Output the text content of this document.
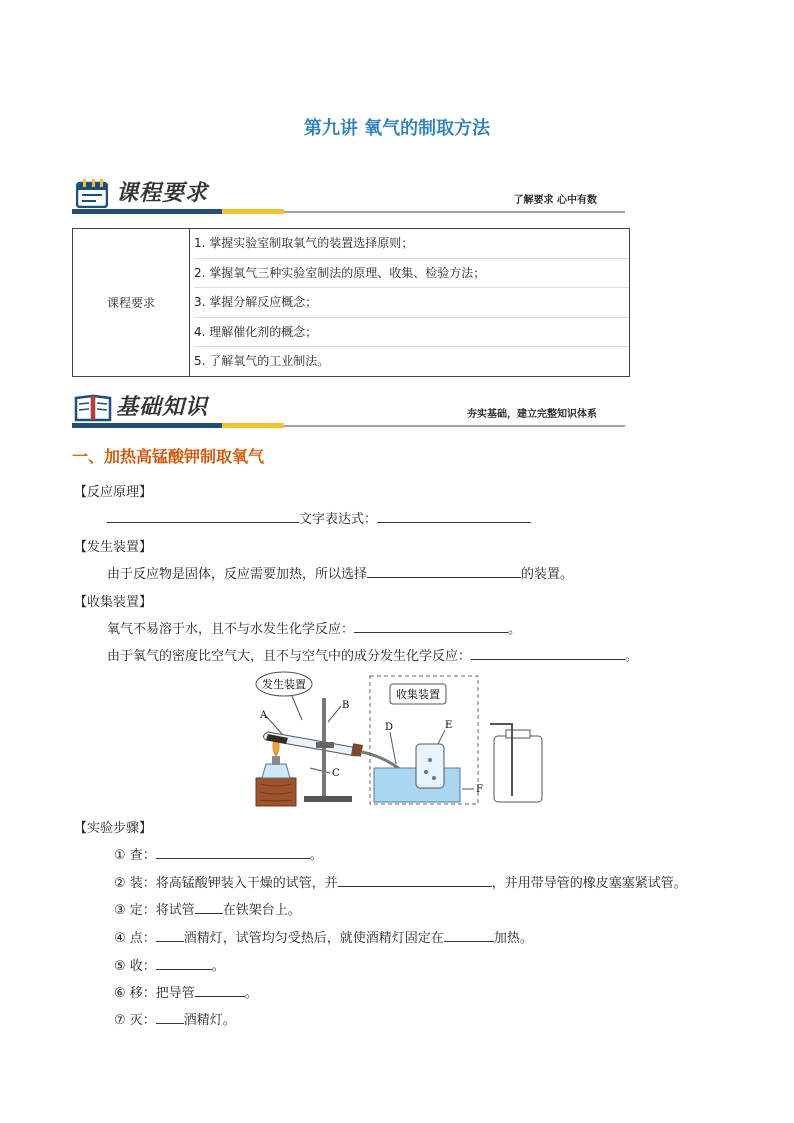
第九讲 氧气的制取方法
课程要求	了解要求 心中有数
课程要求	
1. 掌握实验室制取氧气的装置选择原则；
2. 掌握氧气三种实验室制法的原理、收集、检验方法；
3. 掌握分解反应概念；
4. 理解催化剂的概念；
5. 了解氧气的工业制法。
基础知识	夯实基础，建立完整知识体系
一、加热高锰酸钾制取氧气
【反应原理】
文字表达式：
【发生装置】
由于反应物是固体，反应需要加热，所以选择	的装置。
【收集装置】
氧气不易溶于水，且不与水发生化学反应：	。
由于氧气的密度比空气大，且不与空气中的成分发生化学反应：	。
发生装置
A
B
C
收集装置
D	E
F
【实验步骤】
① 查：	。
② 装：将高锰酸钾装入干燥的试管，并	，并用带导管的橡皮塞塞紧试管。
③ 定：将试管 在铁架台上。
④ 点： 酒精灯，试管均匀受热后，就使酒精灯固定在	加热。
⑤ 收：	。
⑥ 移：把导管	。
⑦ 灭： 酒精灯。
